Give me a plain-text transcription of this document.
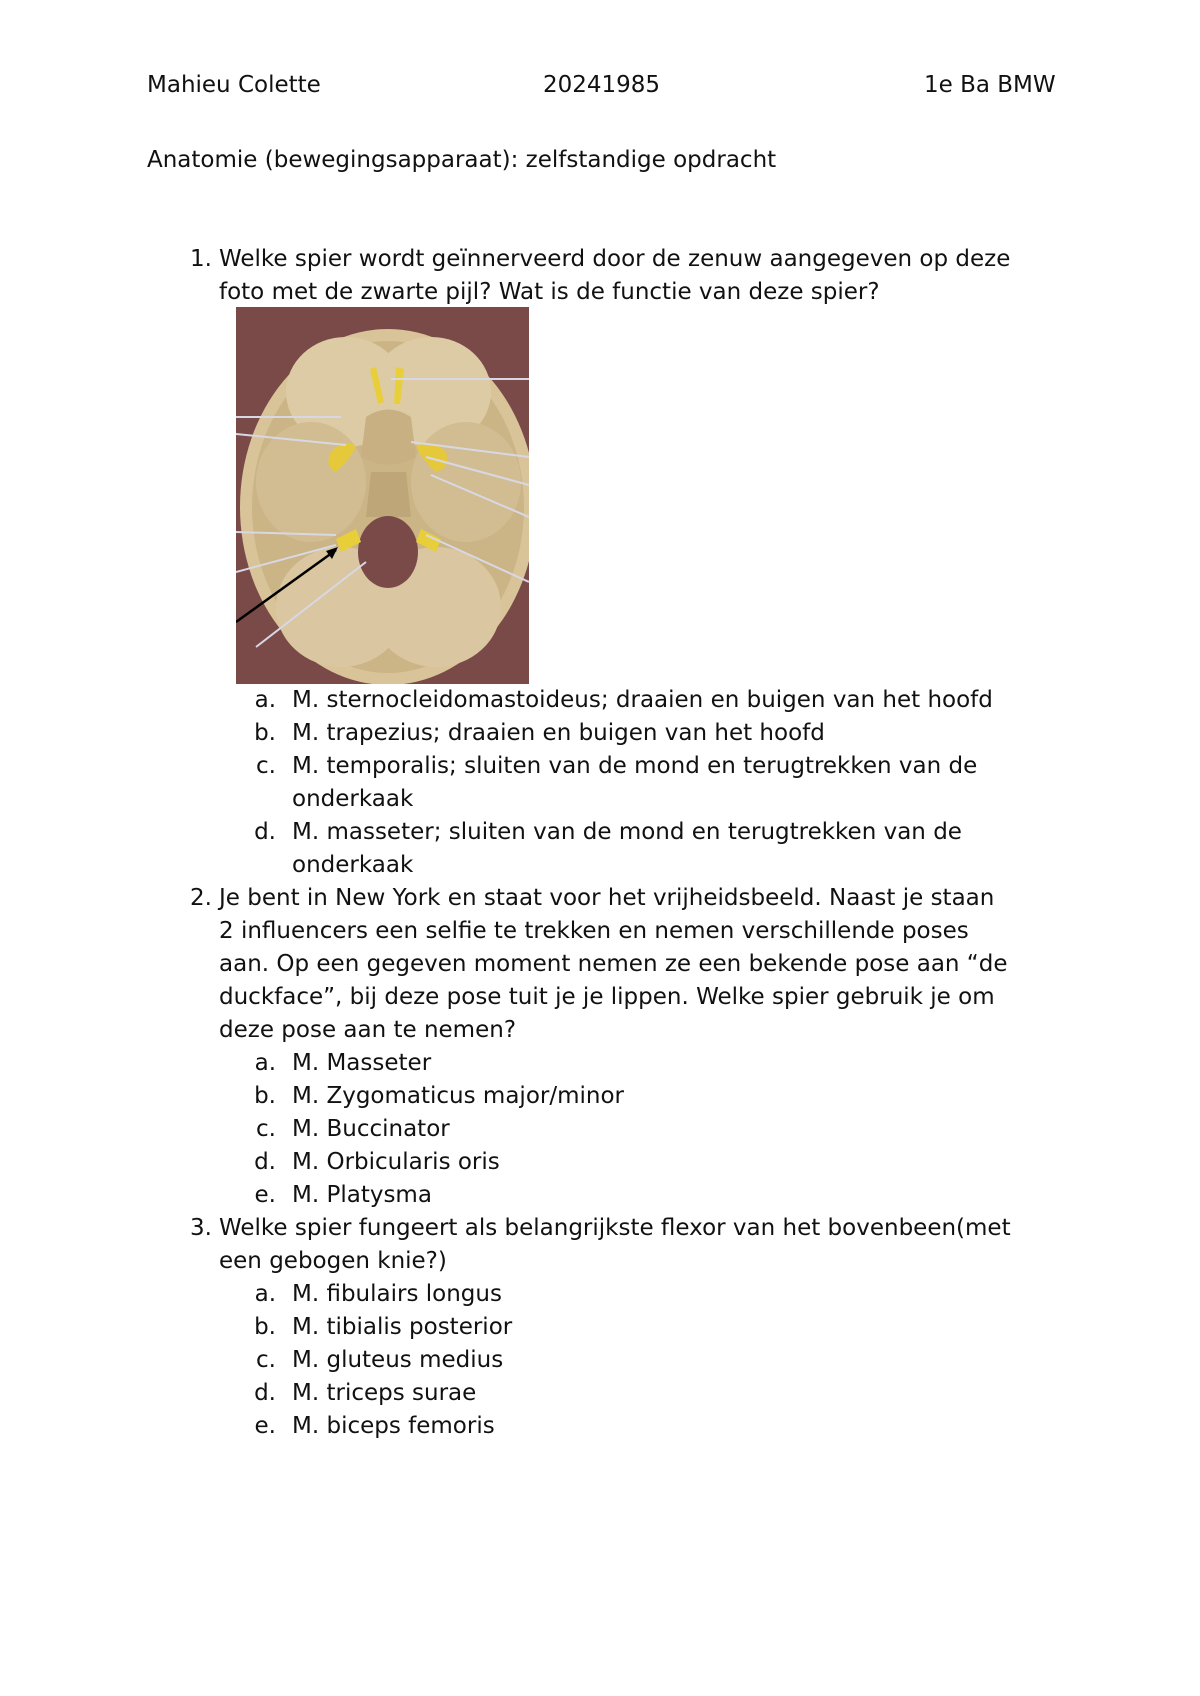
Mahieu Colette	20241985	1e Ba BMW
Anatomie (bewegingsapparaat): zelfstandige opdracht
1. Welke spier wordt geïnnerveerd door de zenuw aangegeven op deze
foto met de zwarte pijl? Wat is de functie van deze spier?
a. M. sternocleidomastoideus; draaien en buigen van het hoofd
b. M. trapezius; draaien en buigen van het hoofd
c. M. temporalis; sluiten van de mond en terugtrekken van de
onderkaak
d. M. masseter; sluiten van de mond en terugtrekken van de
onderkaak
2. Je bent in New York en staat voor het vrijheidsbeeld. Naast je staan
2 influencers een selfie te trekken en nemen verschillende poses
aan. Op een gegeven moment nemen ze een bekende pose aan “de
duckface”, bij deze pose tuit je je lippen. Welke spier gebruik je om
deze pose aan te nemen?
a. M. Masseter
b. M. Zygomaticus major/minor
c. M. Buccinator
d. M. Orbicularis oris
e. M. Platysma
3. Welke spier fungeert als belangrijkste flexor van het bovenbeen(met
een gebogen knie?)
a. M. fibulairs longus
b. M. tibialis posterior
c. M. gluteus medius
d. M. triceps surae
e. M. biceps femoris
